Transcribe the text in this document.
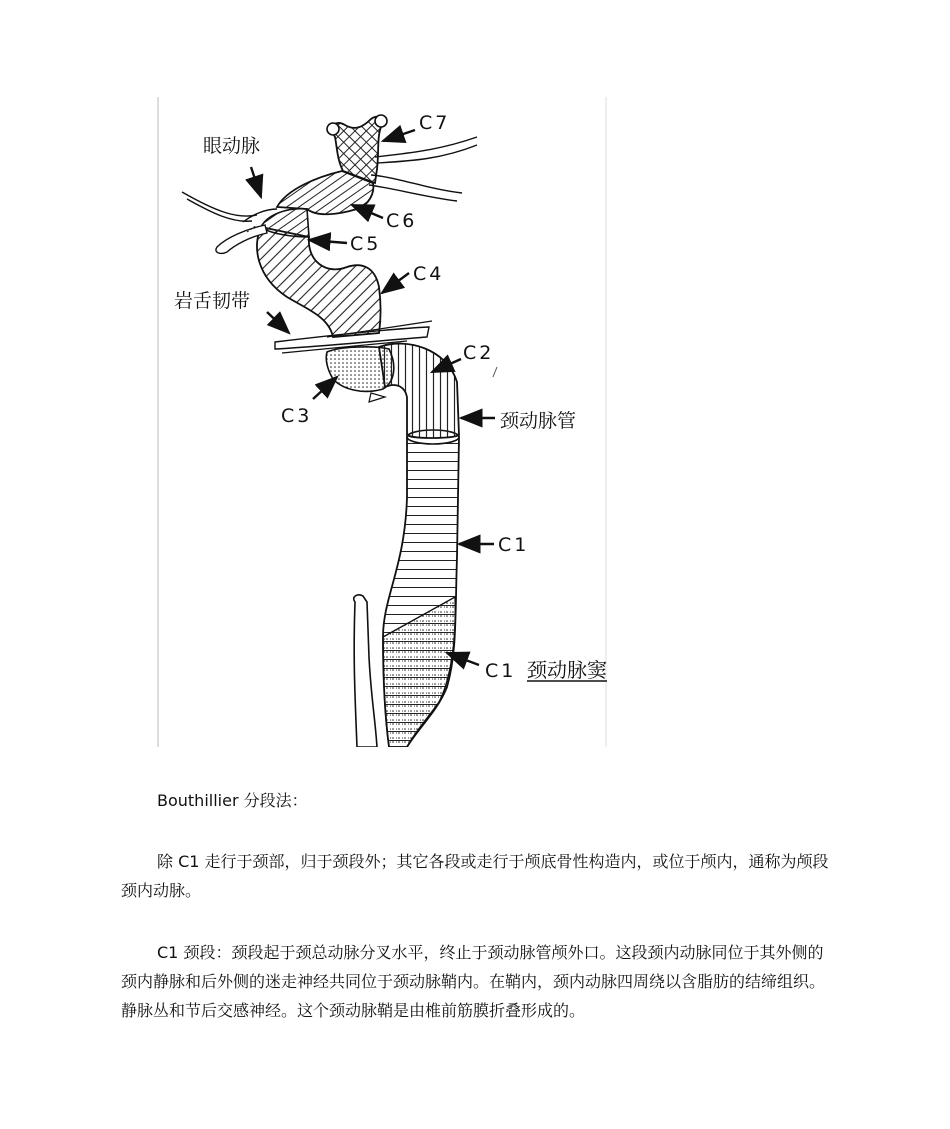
C7
C6
C5
C4
C2
C3
C1
C1
眼动脉
岩舌韧带
颈动脉管
颈动脉窦

Bouthillier 分段法：

除 C1 走行于颈部，归于颈段外；其它各段或走行于颅底骨性构造内，或位于颅内，通称为颅段颈内动脉。

C1 颈段：颈段起于颈总动脉分叉水平，终止于颈动脉管颅外口。这段颈内动脉同位于其外侧的颈内静脉和后外侧的迷走神经共同位于颈动脉鞘内。在鞘内，颈内动脉四周绕以含脂肪的结缔组织。静脉丛和节后交感神经。这个颈动脉鞘是由椎前筋膜折叠形成的。
